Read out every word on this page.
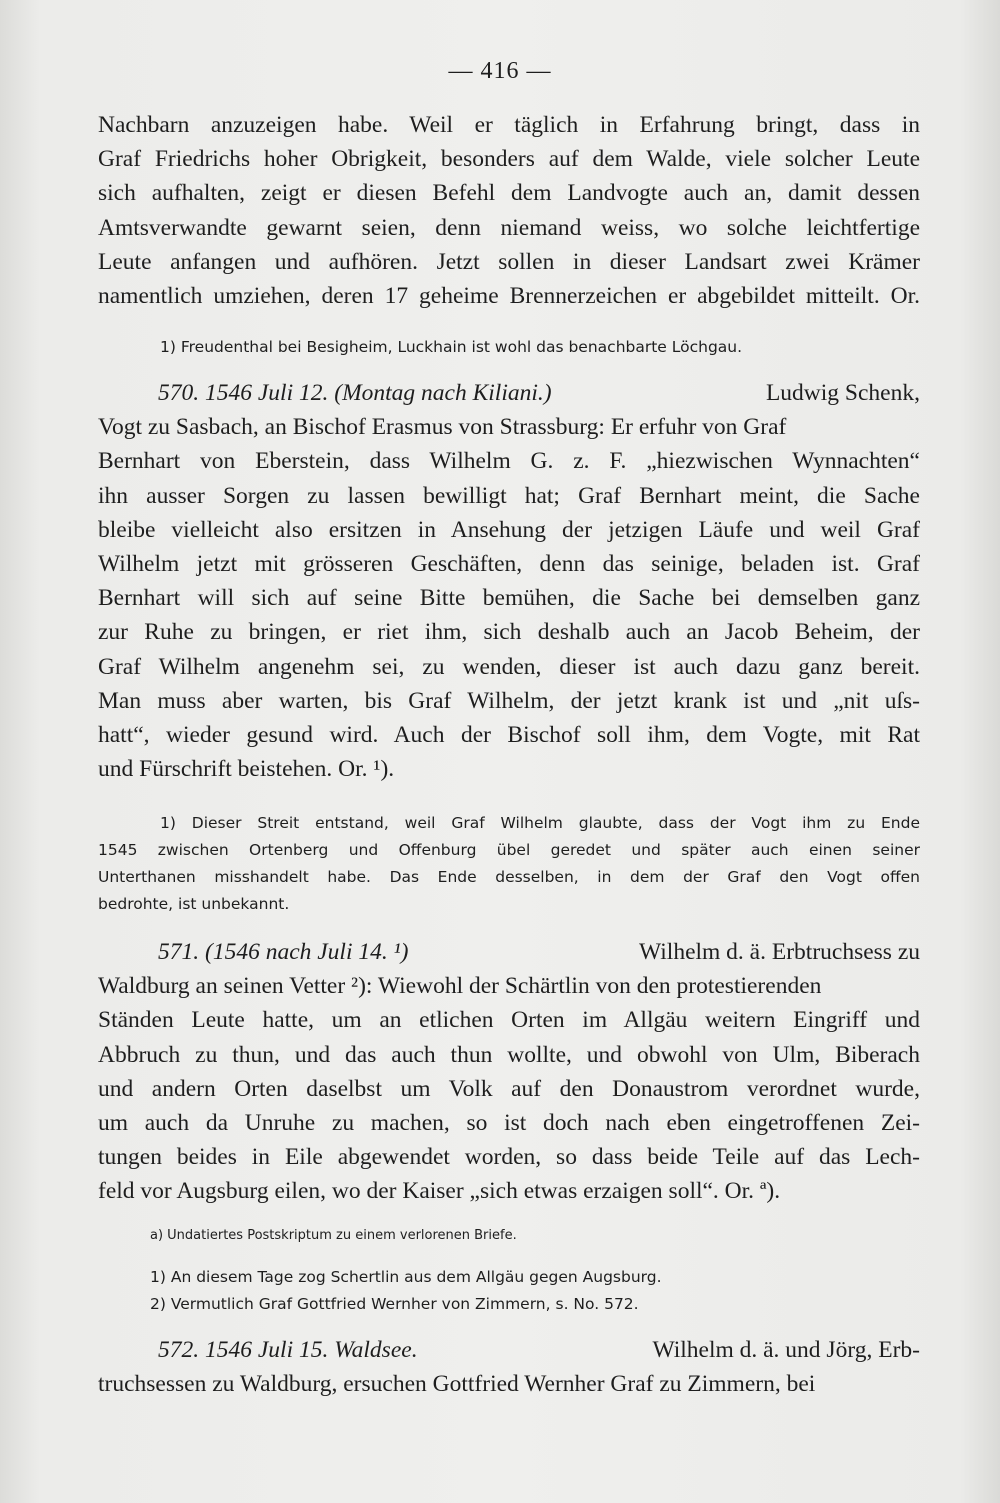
— 416 —
Nachbarn anzuzeigen habe. Weil er täglich in Erfahrung bringt, dass in
Graf Friedrichs hoher Obrigkeit, besonders auf dem Walde, viele solcher Leute
sich aufhalten, zeigt er diesen Befehl dem Landvogte auch an, damit dessen
Amtsverwandte gewarnt seien, denn niemand weiss, wo solche leichtfertige
Leute anfangen und aufhören. Jetzt sollen in dieser Landsart zwei Krämer
namentlich umziehen, deren 17 geheime Brennerzeichen er abgebildet mitteilt. Or.
1) Freudenthal bei Besigheim, Luckhain ist wohl das benachbarte Löchgau.
570. 1546 Juli 12. (Montag nach Kiliani.)	Ludwig Schenk,
Vogt zu Sasbach, an Bischof Erasmus von Strassburg: Er erfuhr von Graf
Bernhart von Eberstein, dass Wilhelm G. z. F. „hiezwischen Wynnachten“
ihn ausser Sorgen zu lassen bewilligt hat; Graf Bernhart meint, die Sache
bleibe vielleicht also ersitzen in Ansehung der jetzigen Läufe und weil Graf
Wilhelm jetzt mit grösseren Geschäften, denn das seinige, beladen ist. Graf
Bernhart will sich auf seine Bitte bemühen, die Sache bei demselben ganz
zur Ruhe zu bringen, er riet ihm, sich deshalb auch an Jacob Beheim, der
Graf Wilhelm angenehm sei, zu wenden, dieser ist auch dazu ganz bereit.
Man muss aber warten, bis Graf Wilhelm, der jetzt krank ist und „nit uſs-
hatt“, wieder gesund wird. Auch der Bischof soll ihm, dem Vogte, mit Rat
und Fürschrift beistehen. Or. ¹).
1) Dieser Streit entstand, weil Graf Wilhelm glaubte, dass der Vogt ihm zu Ende
1545 zwischen Ortenberg und Offenburg übel geredet und später auch einen seiner
Unterthanen misshandelt habe. Das Ende desselben, in dem der Graf den Vogt offen
bedrohte, ist unbekannt.
571. (1546 nach Juli 14. ¹)	Wilhelm d. ä. Erbtruchsess zu
Waldburg an seinen Vetter ²): Wiewohl der Schärtlin von den protestierenden
Ständen Leute hatte, um an etlichen Orten im Allgäu weitern Eingriff und
Abbruch zu thun, und das auch thun wollte, und obwohl von Ulm, Biberach
und andern Orten daselbst um Volk auf den Donaustrom verordnet wurde,
um auch da Unruhe zu machen, so ist doch nach eben eingetroffenen Zei-
tungen beides in Eile abgewendet worden, so dass beide Teile auf das Lech-
feld vor Augsburg eilen, wo der Kaiser „sich etwas erzaigen soll“. Or. ª).
a) Undatiertes Postskriptum zu einem verlorenen Briefe.
1) An diesem Tage zog Schertlin aus dem Allgäu gegen Augsburg.
2) Vermutlich Graf Gottfried Wernher von Zimmern, s. No. 572.
572. 1546 Juli 15. Waldsee.	Wilhelm d. ä. und Jörg, Erb-
truchsessen zu Waldburg, ersuchen Gottfried Wernher Graf zu Zimmern, bei
